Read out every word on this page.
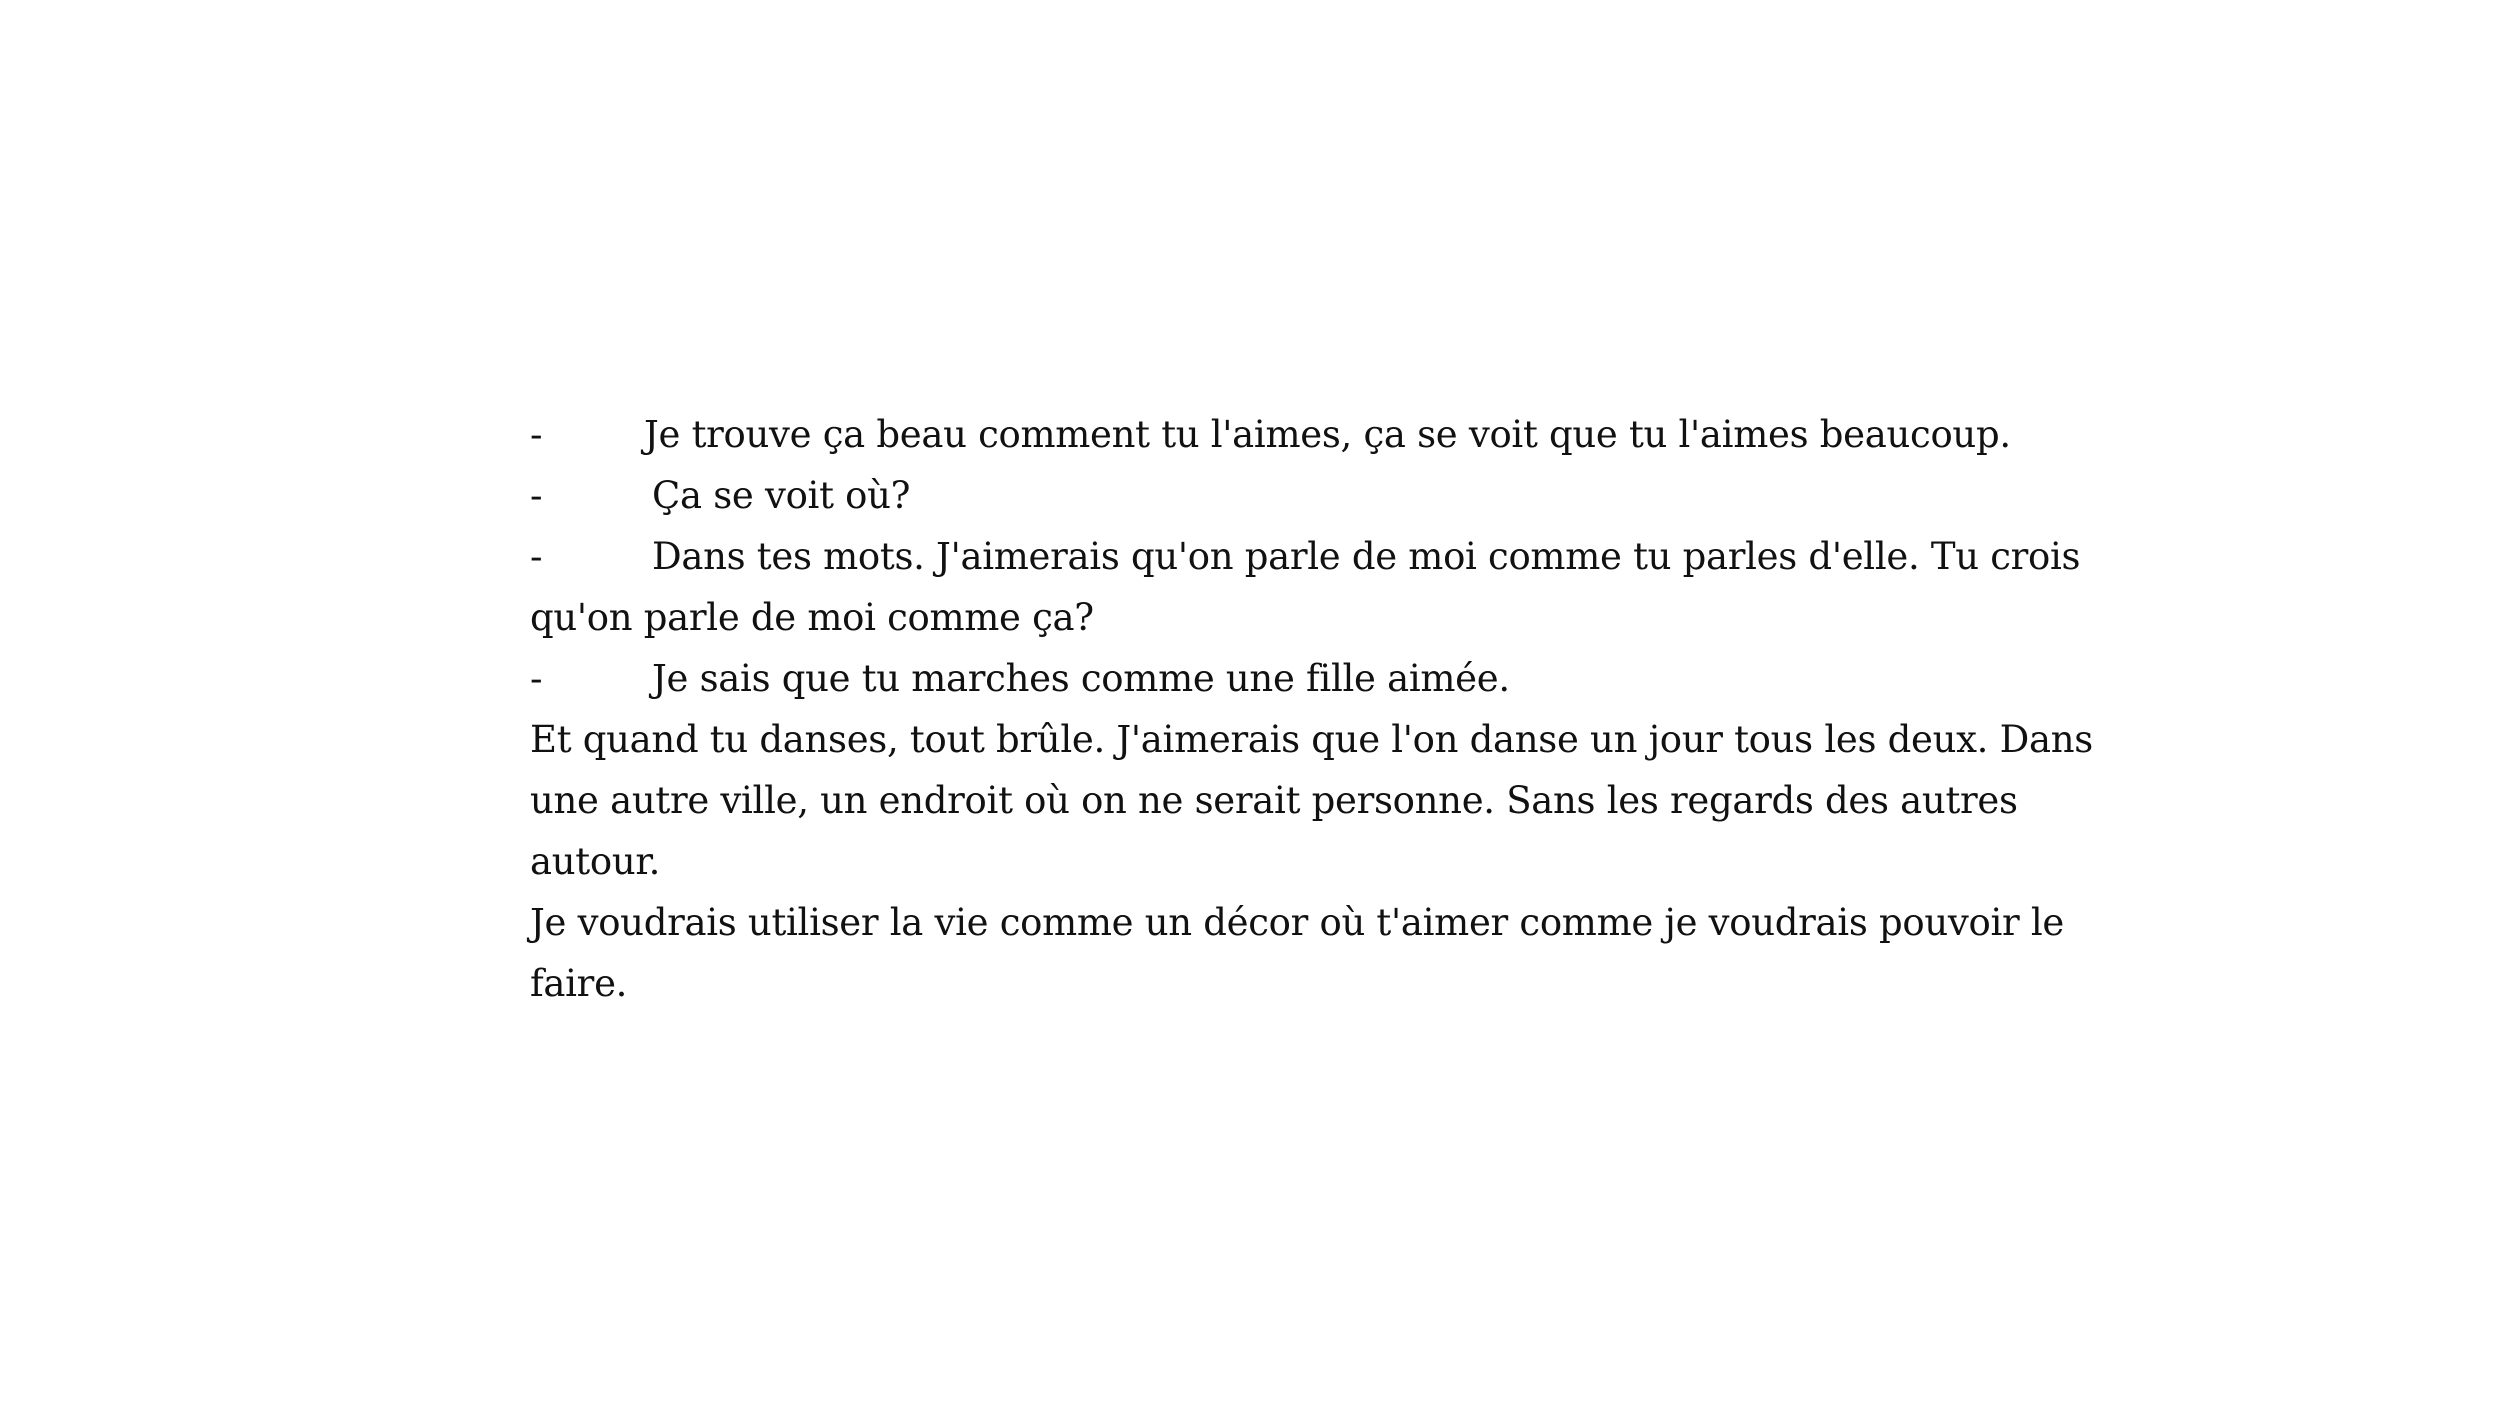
-	Je trouve ça beau comment tu l'aimes, ça se voit que tu l'aimes beaucoup.
-	Ça se voit où?
-	Dans tes mots. J'aimerais qu'on parle de moi comme tu parles d'elle. Tu crois
qu'on parle de moi comme ça?
-	Je sais que tu marches comme une fille aimée.
Et quand tu danses, tout brûle. J'aimerais que l'on danse un jour tous les deux. Dans
une autre ville, un endroit où on ne serait personne. Sans les regards des autres
autour.
Je voudrais utiliser la vie comme un décor où t'aimer comme je voudrais pouvoir le
faire.
